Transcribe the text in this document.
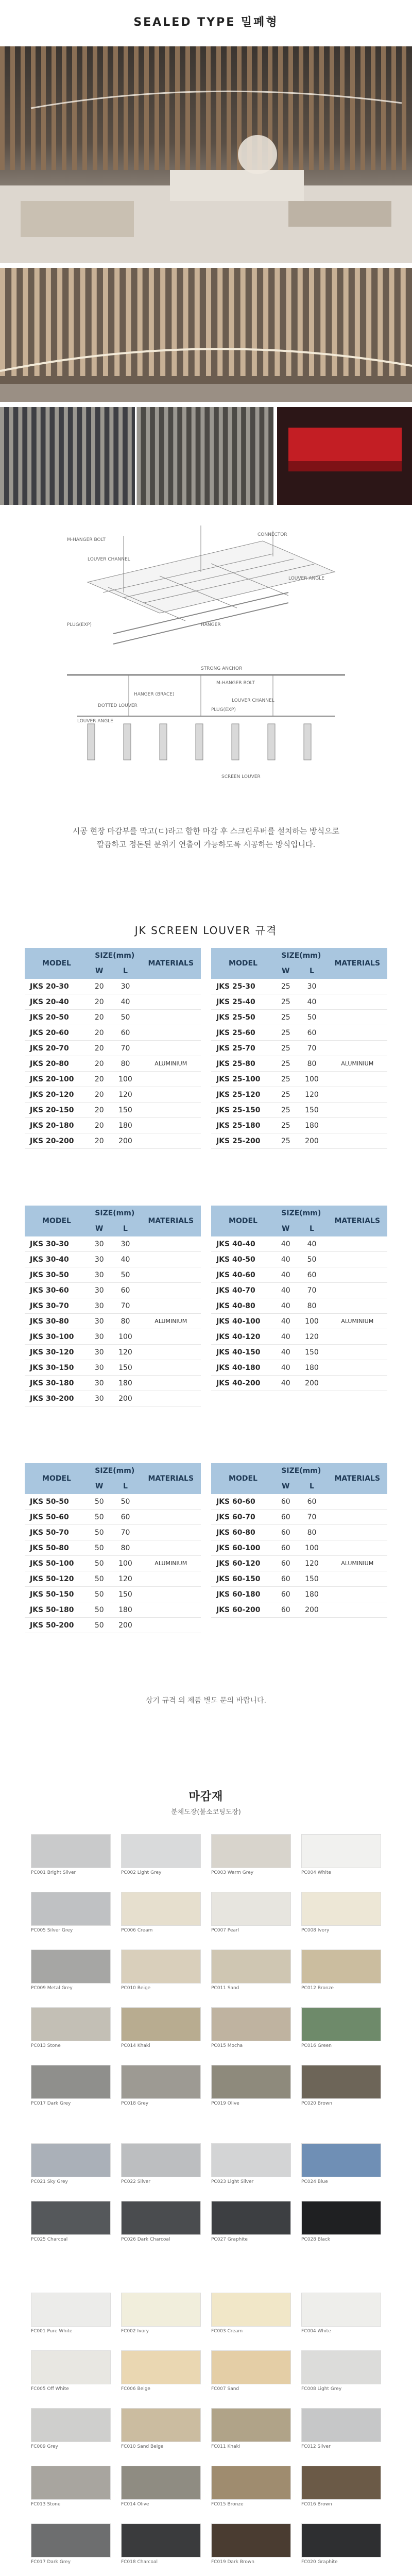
SEALED TYPE 밀폐형
M-HANGER BOLT
CONNECTOR
LOUVER CHANNEL
LOUVER ANGLE
PLUG(EXP)	HANGER
STRONG ANCHOR
M-HANGER BOLT
HANGER (BRACE)
LOUVER CHANNEL
PLUG(EXP)
DOTTED LOUVER
LOUVER ANGLE
SCREEN LOUVER
시공 현장 마감부를 막고(ㄷ)라고 합한 마감 후 스크린루버를 설치하는 방식으로
깔끔하고 정돈된 분위기 연출이 가능하도록 시공하는 방식입니다.
JK SCREEN LOUVER 규격
MODEL	SIZE(mm)		MATERIALS
	W	L	
JKS 20-30	20	30	
JKS 20-40	20	40	
JKS 20-50	20	50	
JKS 20-60	20	60	
JKS 20-70	20	70	
JKS 20-80	20	80	ALUMINIUM
JKS 20-100	20	100	
JKS 20-120	20	120	
JKS 20-150	20	150	
JKS 20-180	20	180	
JKS 20-200	20	200	
MODEL	SIZE(mm)		MATERIALS
	W	L	
JKS 25-30	25	30	
JKS 25-40	25	40	
JKS 25-50	25	50	
JKS 25-60	25	60	
JKS 25-70	25	70	
JKS 25-80	25	80	ALUMINIUM
JKS 25-100	25	100	
JKS 25-120	25	120	
JKS 25-150	25	150	
JKS 25-180	25	180	
JKS 25-200	25	200	
MODEL	SIZE(mm)		MATERIALS
	W	L	
JKS 30-30	30	30	
JKS 30-40	30	40	
JKS 30-50	30	50	
JKS 30-60	30	60	
JKS 30-70	30	70	
JKS 30-80	30	80	ALUMINIUM
JKS 30-100	30	100	
JKS 30-120	30	120	
JKS 30-150	30	150	
JKS 30-180	30	180	
JKS 30-200	30	200	
MODEL	SIZE(mm)		MATERIALS
	W	L	
JKS 40-40	40	40	
JKS 40-50	40	50	
JKS 40-60	40	60	
JKS 40-70	40	70	
JKS 40-80	40	80	
JKS 40-100	40	100	ALUMINIUM
JKS 40-120	40	120	
JKS 40-150	40	150	
JKS 40-180	40	180	
JKS 40-200	40	200	
MODEL	SIZE(mm)		MATERIALS
	W	L	
JKS 50-50	50	50	
JKS 50-60	50	60	
JKS 50-70	50	70	
JKS 50-80	50	80	
JKS 50-100	50	100	ALUMINIUM
JKS 50-120	50	120	
JKS 50-150	50	150	
JKS 50-180	50	180	
JKS 50-200	50	200	
MODEL	SIZE(mm)		MATERIALS
	W	L	
JKS 60-60	60	60	
JKS 60-70	60	70	
JKS 60-80	60	80	
JKS 60-100	60	100	
JKS 60-120	60	120	ALUMINIUM
JKS 60-150	60	150	
JKS 60-180	60	180	
JKS 60-200	60	200	
상기 규격 외 제품 별도 문의 바랍니다.
마감재
분체도장(불소코팅도장)
PC001 Bright Silver	PC002 Light Grey	PC003 Warm Grey	PC004 White
PC005 Silver Grey	PC006 Cream	PC007 Pearl	PC008 Ivory
PC009 Metal Grey	PC010 Beige	PC011 Sand	PC012 Bronze
PC013 Stone	PC014 Khaki	PC015 Mocha	PC016 Green
PC017 Dark Grey	PC018 Grey	PC019 Olive	PC020 Brown
PC021 Sky Grey	PC022 Silver	PC023 Light Silver	PC024 Blue
PC025 Charcoal	PC026 Dark Charcoal	PC027 Graphite	PC028 Black
FC001 Pure White	FC002 Ivory	FC003 Cream	FC004 White
FC005 Off White	FC006 Beige	FC007 Sand	FC008 Light Grey
FC009 Grey	FC010 Sand Beige	FC011 Khaki	FC012 Silver
FC013 Stone	FC014 Olive	FC015 Bronze	FC016 Brown
FC017 Dark Grey	FC018 Charcoal	FC019 Dark Brown	FC020 Graphite
